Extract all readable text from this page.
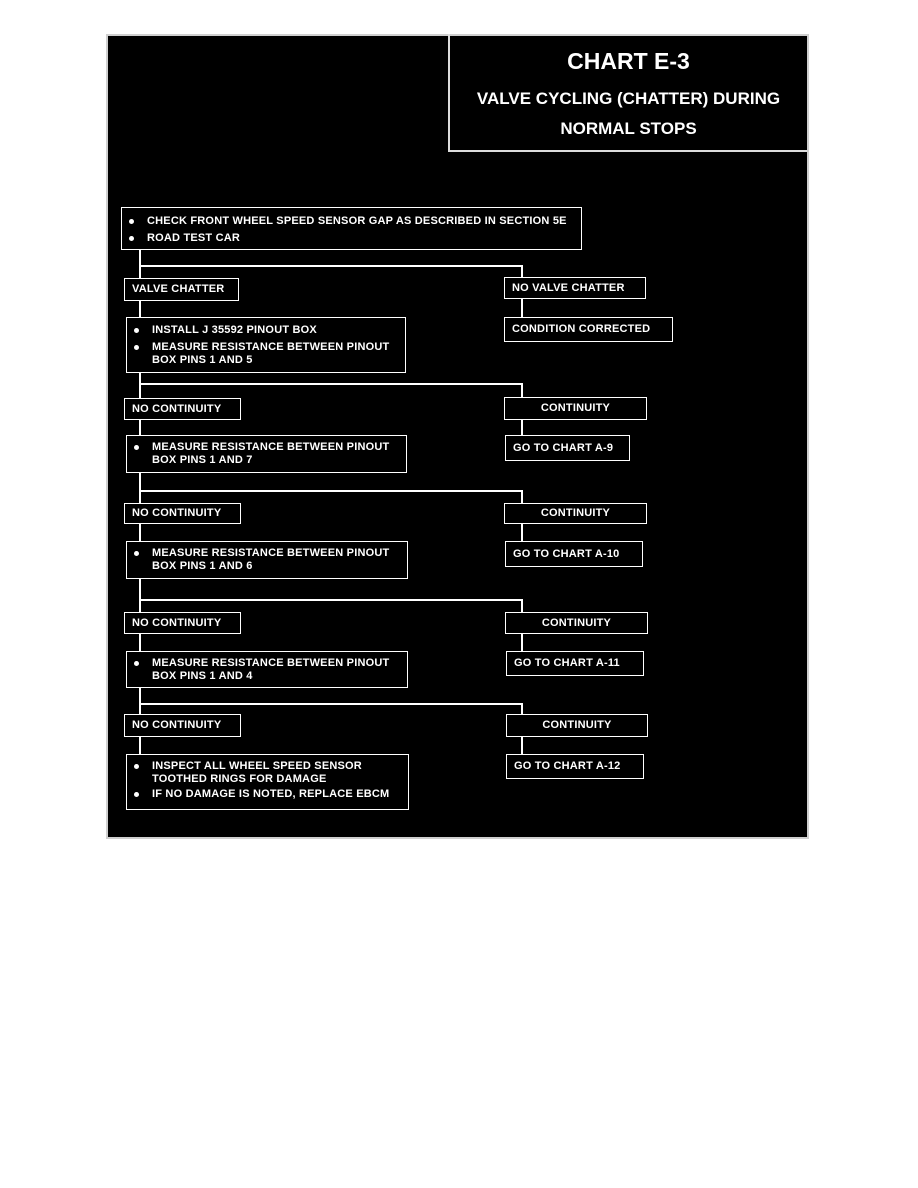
CHART E-3
VALVE CYCLING (CHATTER) DURING
NORMAL STOPS
CHECK FRONT WHEEL SPEED SENSOR GAP AS DESCRIBED IN SECTION 5E
ROAD TEST CAR
VALVE CHATTER	NO VALVE CHATTER
CONDITION CORRECTED
INSTALL J 35592 PINOUT BOX
MEASURE RESISTANCE BETWEEN PINOUT
BOX PINS 1 AND 5
NO CONTINUITY	CONTINUITY
GO TO CHART A-9
MEASURE RESISTANCE BETWEEN PINOUT
BOX PINS 1 AND 7
NO CONTINUITY	CONTINUITY
GO TO CHART A-10
MEASURE RESISTANCE BETWEEN PINOUT
BOX PINS 1 AND 6
NO CONTINUITY	CONTINUITY
GO TO CHART A-11
MEASURE RESISTANCE BETWEEN PINOUT
BOX PINS 1 AND 4
NO CONTINUITY	CONTINUITY
GO TO CHART A-12
INSPECT ALL WHEEL SPEED SENSOR
TOOTHED RINGS FOR DAMAGE
IF NO DAMAGE IS NOTED, REPLACE EBCM
